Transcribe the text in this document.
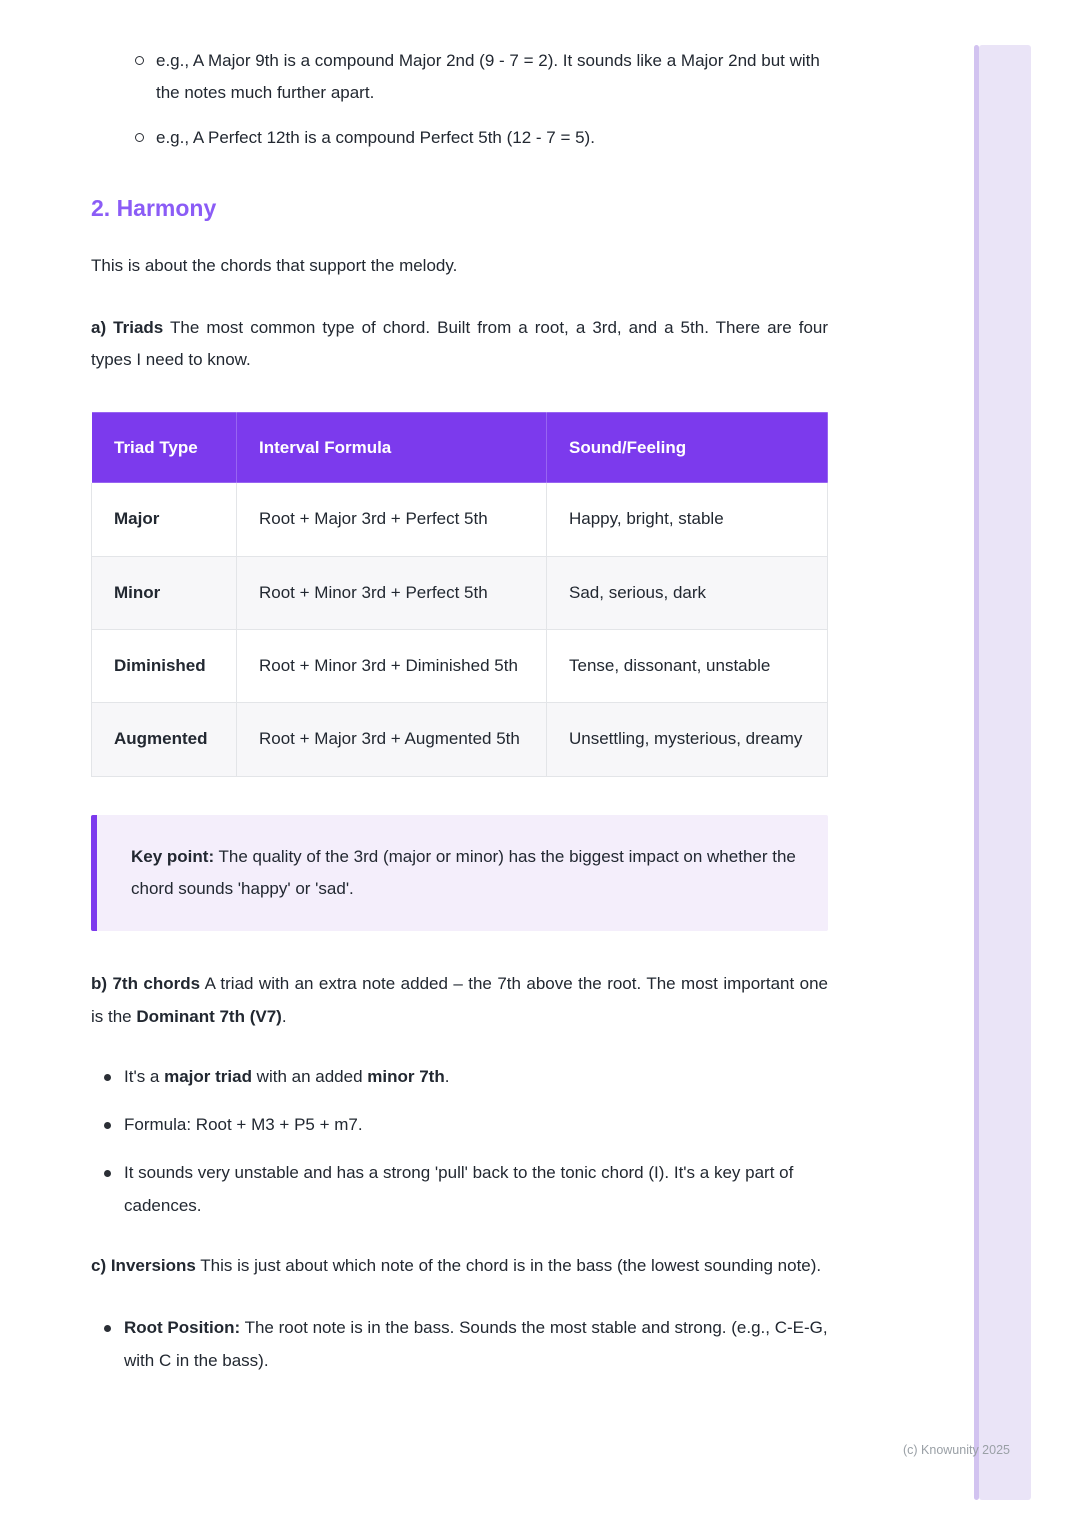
e.g., A Major 9th is a compound Major 2nd (9 - 7 = 2). It sounds like a Major 2nd but with the notes much further apart.
e.g., A Perfect 12th is a compound Perfect 5th (12 - 7 = 5).
2. Harmony

This is about the chords that support the melody.

a) Triads The most common type of chord. Built from a root, a 3rd, and a 5th. There are four types I need to know.

Triad Type	Interval Formula	Sound/Feeling
Major	Root + Major 3rd + Perfect 5th	Happy, bright, stable
Minor	Root + Minor 3rd + Perfect 5th	Sad, serious, dark
Diminished	Root + Minor 3rd + Diminished 5th	Tense, dissonant, unstable
Augmented	Root + Major 3rd + Augmented 5th	Unsettling, mysterious, dreamy

Key point: The quality of the 3rd (major or minor) has the biggest impact on whether the chord sounds 'happy' or 'sad'.

b) 7th chords A triad with an extra note added – the 7th above the root. The most important one is the Dominant 7th (V7).

It's a major triad with an added minor 7th.
Formula: Root + M3 + P5 + m7.
It sounds very unstable and has a strong 'pull' back to the tonic chord (I). It's a key part of cadences.

c) Inversions This is just about which note of the chord is in the bass (the lowest sounding note).

Root Position: The root note is in the bass. Sounds the most stable and strong. (e.g., C-E-G, with C in the bass).
(c) Knowunity 2025
